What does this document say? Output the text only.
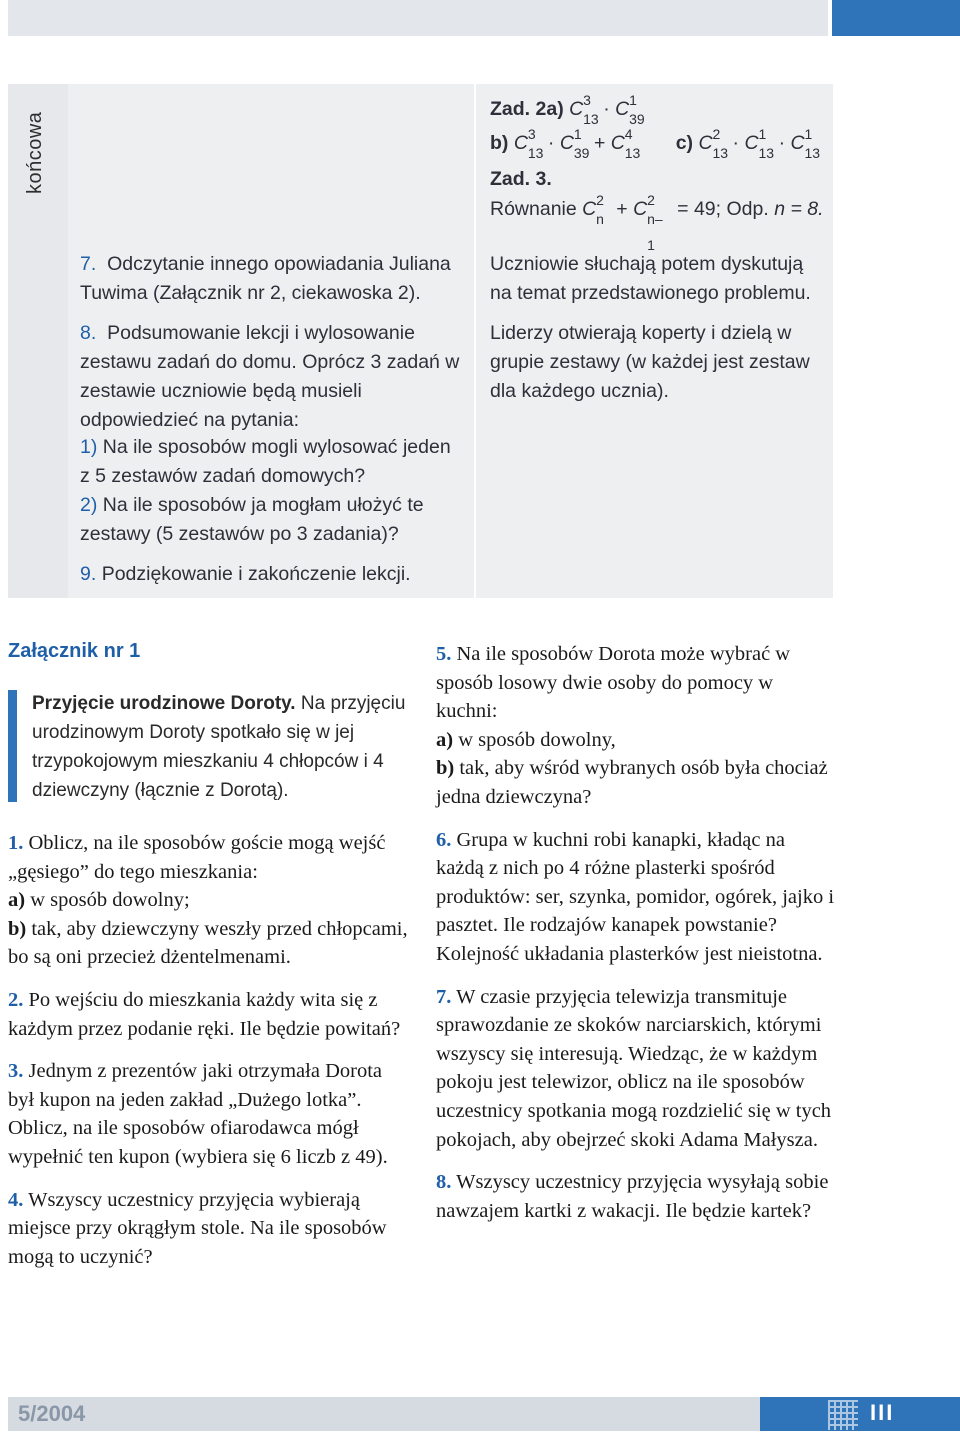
końcowa

7. Odczytanie innego opowiadania Juliana Tuwima (Załącznik nr 2, ciekawoska 2).

8. Podsumowanie lekcji i wylosowanie zestawu zadań do domu. Oprócz 3 zadań w zestawie uczniowie będą musieli odpowiedzieć na pytania:

1) Na ile sposobów mogli wylosować jeden z 5 zestawów zadań domowych?

2) Na ile sposobów ja mogłam ułożyć te zestawy (5 zestawów po 3 zadania)?

9. Podziękowanie i zakończenie lekcji.

Zad. 2a) C 3
13 · C 1
39
b) C 3
13 · C 1
39 + C 4
13 c) C 2
13 · C 1
13 · C 1
13
Zad. 3.
Równanie C 2
n + C 2
n–1
= 49; Odp. n = 8.
Uczniowie słuchają potem dyskutują na temat przedstawionego problemu.
Liderzy otwierają koperty i dzielą w grupie zestawy (w każdej jest zestaw dla każdego ucznia).
Załącznik nr 1
Przyjęcie urodzinowe Doroty. Na przyjęciu urodzinowym Doroty spotkało się w jej trzypokojowym mieszkaniu 4 chłopców i 4 dziewczyny (łącznie z Dorotą).

1. Oblicz, na ile sposobów goście mogą wejść „gęsiego” do tego mieszkania:
a) w sposób dowolny;
b) tak, aby dziewczyny weszły przed chłopcami, bo są oni przecież dżentelmenami.

2. Po wejściu do mieszkania każdy wita się z każdym przez podanie ręki. Ile będzie powitań?

3. Jednym z prezentów jaki otrzymała Dorota był kupon na jeden zakład „Dużego lotka”. Oblicz, na ile sposobów ofiarodawca mógł wypełnić ten kupon (wybiera się 6 liczb z 49).

4. Wszyscy uczestnicy przyjęcia wybierają miejsce przy okrągłym stole. Na ile sposobów mogą to uczynić?

5. Na ile sposobów Dorota może wybrać w sposób losowy dwie osoby do pomocy w kuchni:
a) w sposób dowolny,
b) tak, aby wśród wybranych osób była chociaż jedna dziewczyna?

6. Grupa w kuchni robi kanapki, kładąc na każdą z nich po 4 różne plasterki spośród produktów: ser, szynka, pomidor, ogórek, jajko i pasztet. Ile rodzajów kanapek powstanie? Kolejność układania plasterków jest nieistotna.

7. W czasie przyjęcia telewizja transmituje sprawozdanie ze skoków narciarskich, którymi wszyscy się interesują. Wiedząc, że w każdym pokoju jest telewizor, oblicz na ile sposobów uczestnicy spotkania mogą rozdzielić się w tych pokojach, aby obejrzeć skoki Adama Małysza.

8. Wszyscy uczestnicy przyjęcia wysyłają sobie nawzajem kartki z wakacji. Ile będzie kartek?

5/2004	III
